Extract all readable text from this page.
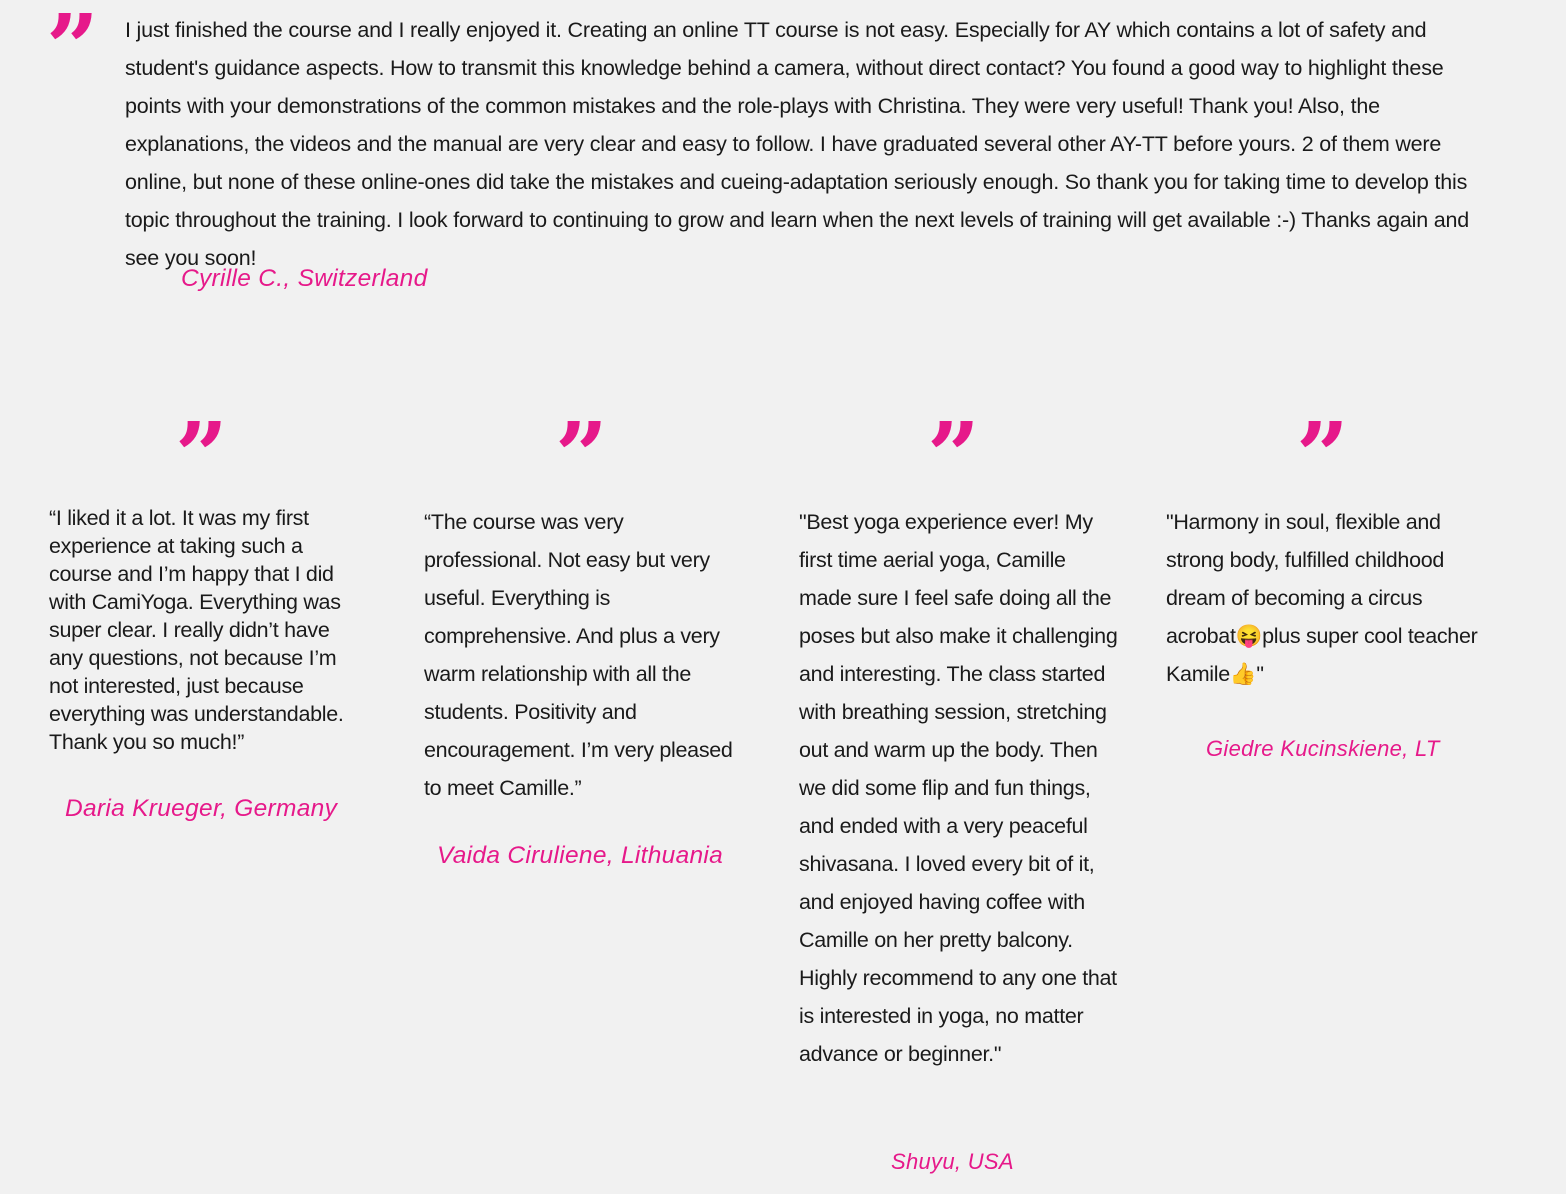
” I just finished the course and I really enjoyed it. Creating an online TT course is not easy. Especially for AY which contains a lot of safety and student's guidance aspects. How to transmit this knowledge behind a camera, without direct contact? You found a good way to highlight these points with your demonstrations of the common mistakes and the role-plays with Christina. They were very useful! Thank you! Also, the explanations, the videos and the manual are very clear and easy to follow. I have graduated several other AY-TT before yours. 2 of them were online, but none of these online-ones did take the mistakes and cueing-adaptation seriously enough. So thank you for taking time to develop this topic throughout the training. I look forward to continuing to grow and learn when the next levels of training will get available :-) Thanks again and see you soon!
Cyrille C., Switzerland
”
“I liked it a lot. It was my first experience at taking such a course and I’m happy that I did with CamiYoga. Everything was super clear. I really didn’t have any questions, not because I’m not interested, just because everything was understandable. Thank you so much!”
Daria Krueger, Germany
”
“The course was very professional. Not easy but very useful. Everything is comprehensive. And plus a very warm relationship with all the students. Positivity and encouragement. I’m very pleased to meet Camille.”
Vaida Ciruliene, Lithuania
”
"Best yoga experience ever! My first time aerial yoga, Camille made sure I feel safe doing all the poses but also make it challenging and interesting. The class started with breathing session, stretching out and warm up the body. Then we did some flip and fun things, and ended with a very peaceful shivasana. I loved every bit of it, and enjoyed having coffee with Camille on her pretty balcony. Highly recommend to any one that is interested in yoga, no matter advance or beginner."
Shuyu, USA
”
"Harmony in soul, flexible and strong body, fulfilled childhood dream of becoming a circus acrobat😝plus super cool teacher Kamile👍"
Giedre Kucinskiene, LT
